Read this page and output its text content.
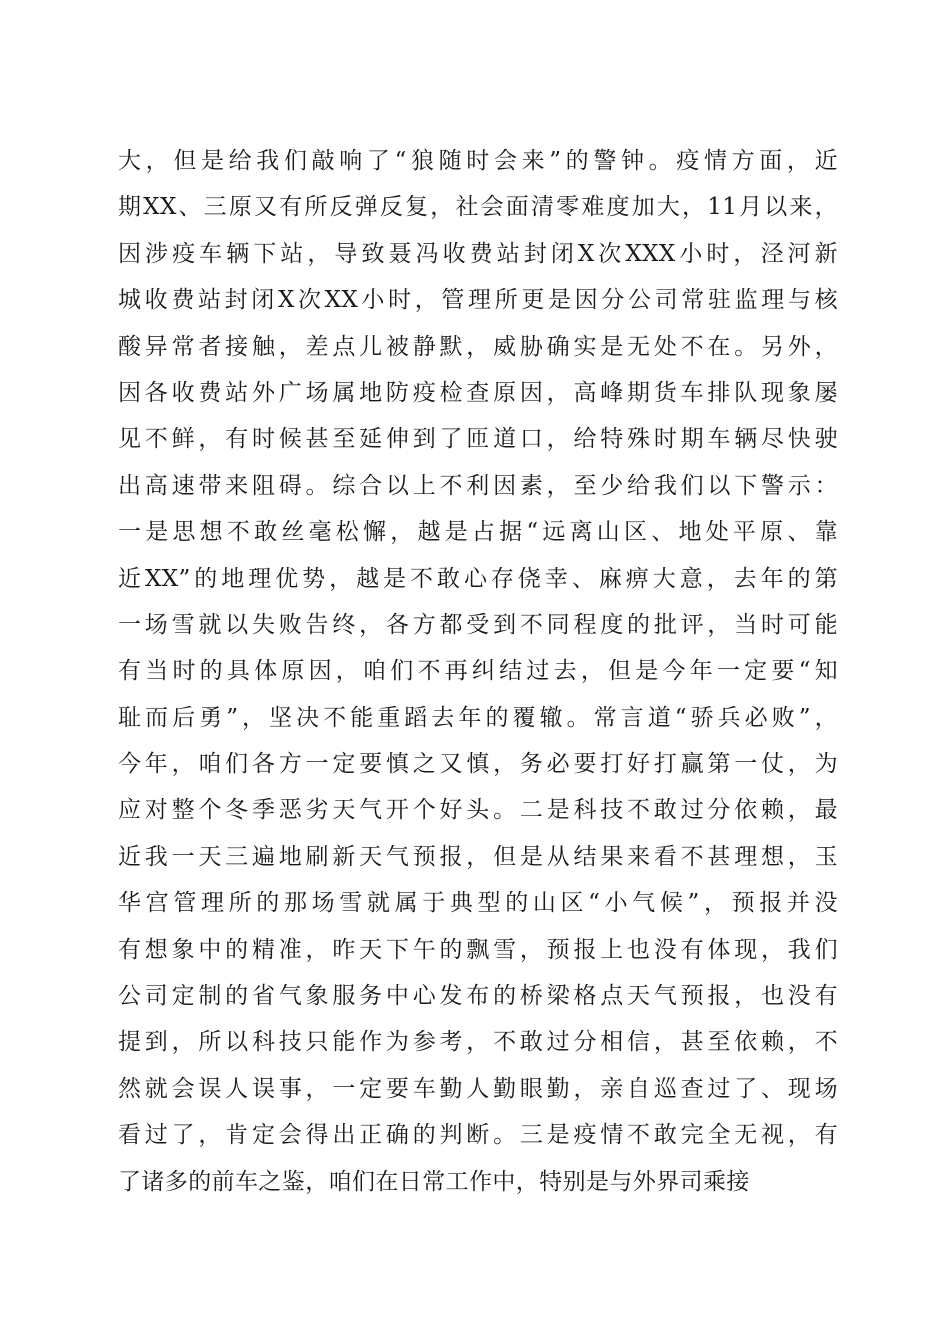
大，但是给我们敲响了“狼随时会来”的警钟。疫情方面，近
期XX、三原又有所反弹反复，社会面清零难度加大，11月以来，
因涉疫车辆下站，导致聂冯收费站封闭X次XXX小时，泾河新
城收费站封闭X次XX小时，管理所更是因分公司常驻监理与核
酸异常者接触，差点儿被静默，威胁确实是无处不在。另外，
因各收费站外广场属地防疫检查原因，高峰期货车排队现象屡
见不鲜，有时候甚至延伸到了匝道口，给特殊时期车辆尽快驶
出高速带来阻碍。综合以上不利因素，至少给我们以下警示：
一是思想不敢丝毫松懈，越是占据“远离山区、地处平原、靠
近XX”的地理优势，越是不敢心存侥幸、麻痹大意，去年的第
一场雪就以失败告终，各方都受到不同程度的批评，当时可能
有当时的具体原因，咱们不再纠结过去，但是今年一定要“知
耻而后勇”，坚决不能重蹈去年的覆辙。常言道“骄兵必败”，
今年，咱们各方一定要慎之又慎，务必要打好打赢第一仗，为
应对整个冬季恶劣天气开个好头。二是科技不敢过分依赖，最
近我一天三遍地刷新天气预报，但是从结果来看不甚理想，玉
华宫管理所的那场雪就属于典型的山区“小气候”，预报并没
有想象中的精准，昨天下午的飘雪，预报上也没有体现，我们
公司定制的省气象服务中心发布的桥梁格点天气预报，也没有
提到，所以科技只能作为参考，不敢过分相信，甚至依赖，不
然就会误人误事，一定要车勤人勤眼勤，亲自巡查过了、现场
看过了，肯定会得出正确的判断。三是疫情不敢完全无视，有
了诸多的前车之鉴，咱们在日常工作中，特别是与外界司乘接
